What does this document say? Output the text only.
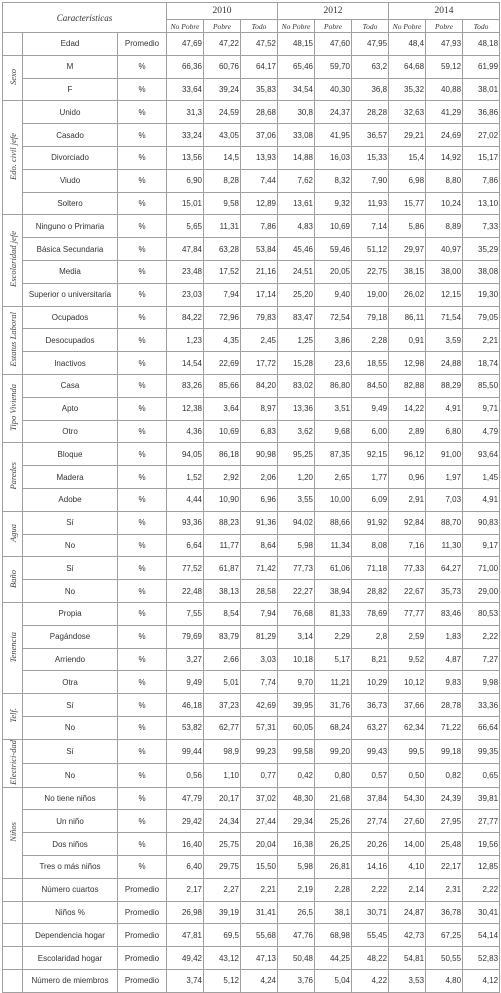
Características			2010			2012			2014		
			No Pobre	Pobre	Todo	No Pobre	Pobre	Todo	No Pobre	Pobre	Todo
	Edad	Promedio	47,69	47,22	47,52	48,15	47,60	47,95	48,4	47,93	48,18
Sexo	M	%	66,36	60,76	64,17	65,46	59,70	63,2	64,68	59,12	61,99
	F	%	33,64	39,24	35,83	34,54	40,30	36,8	35,32	40,88	38,01
Edo. civil jefe	Unido	%	31,3	24,59	28,68	30,8	24,37	28,28	32,63	41,29	36,86
	Casado	%	33,24	43,05	37,06	33,08	41,95	36,57	29,21	24,69	27,02
	Divorciado	%	13,56	14,5	13,93	14,88	16,03	15,33	15,4	14,92	15,17
	Viudo	%	6,90	8,28	7,44	7,62	8,32	7,90	6,98	8,80	7,86
	Soltero	%	15,01	9,58	12,89	13,61	9,32	11,93	15,77	10,24	13,10
Escolaridad jefe	Ninguno o Primaria	%	5,65	11,31	7,86	4,83	10,69	7,14	5,86	8,89	7,33
	Básica Secundaria	%	47,84	63,28	53,84	45,46	59,46	51,12	29,97	40,97	35,29
	Media	%	23,48	17,52	21,16	24,51	20,05	22,75	38,15	38,00	38,08
	Superior o universitaria	%	23,03	7,94	17,14	25,20	9,40	19,00	26,02	12,15	19,30
Estatus Laboral	Ocupados	%	84,22	72,96	79,83	83,47	72,54	79,18	86,11	71,54	79,05
	Desocupados	%	1,23	4,35	2,45	1,25	3,86	2,28	0,91	3,59	2,21
	Inactivos	%	14,54	22,69	17,72	15,28	23,6	18,55	12,98	24,88	18,74
Tipo Vivienda	Casa	%	83,26	85,66	84,20	83,02	86,80	84,50	82,88	88,29	85,50
	Apto	%	12,38	3,64	8,97	13,36	3,51	9,49	14,22	4,91	9,71
	Otro	%	4,36	10,69	6,83	3,62	9,68	6,00	2,89	6,80	4,79
Paredes	Bloque	%	94,05	86,18	90,98	95,25	87,35	92,15	96,12	91,00	93,64
	Madera	%	1,52	2,92	2,06	1,20	2,65	1,77	0,96	1,97	1,45
	Adobe	%	4,44	10,90	6,96	3,55	10,00	6,09	2,91	7,03	4,91
Agua	Sí	%	93,36	88,23	91,36	94,02	88,66	91,92	92,84	88,70	90,83
	No	%	6,64	11,77	8,64	5,98	11,34	8,08	7,16	11,30	9,17
Baño	Sí	%	77,52	61,87	71,42	77,73	61,06	71,18	77,33	64,27	71,00
	No	%	22,48	38,13	28,58	22,27	38,94	28,82	22,67	35,73	29,00
Tenencia	Propia	%	7,55	8,54	7,94	76,68	81,33	78,69	77,77	83,46	80,53
	Pagándose	%	79,69	83,79	81,29	3,14	2,29	2,8	2,59	1,83	2,22
	Arriendo	%	3,27	2,66	3,03	10,18	5,17	8,21	9,52	4,87	7,27
	Otra	%	9,49	5,01	7,74	9,70	11,21	10,29	10,12	9,83	9,98
Telf.	Sí	%	46,18	37,23	42,69	39,95	31,76	36,73	37,66	28,78	33,36
	No	%	53,82	62,77	57,31	60,05	68,24	63,27	62,34	71,22	66,64
Electrici-dad	Sí	%	99,44	98,9	99,23	99,58	99,20	99,43	99,5	99,18	99,35
	No	%	0,56	1,10	0,77	0,42	0,80	0,57	0,50	0,82	0,65
Niños	No tiene niños	%	47,79	20,17	37,02	48,30	21,68	37,84	54,30	24,39	39,81
	Un niño	%	29,42	24,34	27,44	29,34	25,26	27,74	27,60	27,95	27,77
	Dos niños	%	16,40	25,75	20,04	16,38	26,25	20,26	14,00	25,48	19,56
	Tres o más niños	%	6,40	29,75	15,50	5,98	26,81	14,16	4,10	22,17	12,85
	Número cuartos	Promedio	2,17	2,27	2,21	2,19	2,28	2,22	2,14	2,31	2,22
	Niños %	Promedio	26,98	39,19	31,41	26,5	38,1	30,71	24,87	36,78	30,41
	Dependencia hogar	Promedio	47,81	69,5	55,68	47,76	68,98	55,45	42,73	67,25	54,14
	Escolaridad hogar	Promedio	49,42	43,12	47,13	50,48	44,25	48,22	54,81	50,55	52,83
	Número de miembros	Promedio	3,74	5,12	4,24	3,76	5,04	4,22	3,53	4,80	4,12
